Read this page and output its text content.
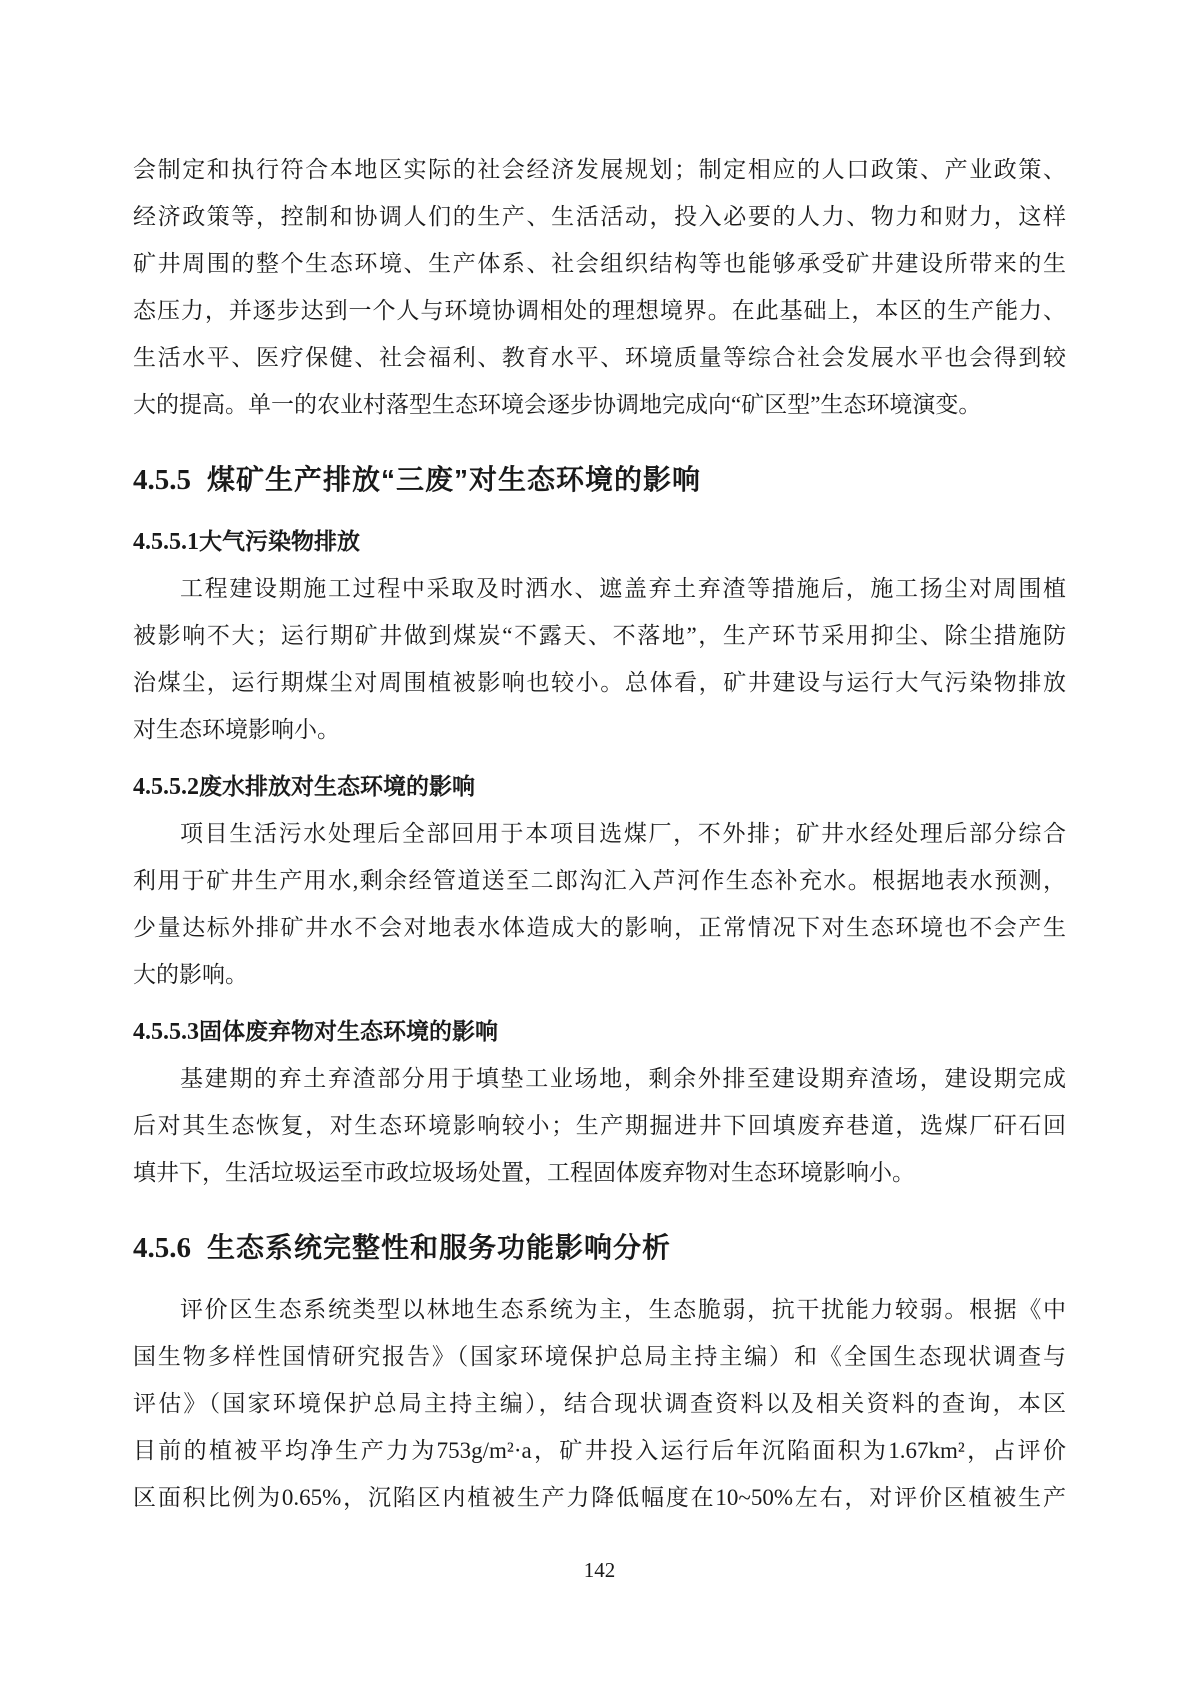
会制定和执行符合本地区实际的社会经济发展规划；制定相应的人口政策、产业政策、
经济政策等，控制和协调人们的生产、生活活动，投入必要的人力、物力和财力，这样
矿井周围的整个生态环境、生产体系、社会组织结构等也能够承受矿井建设所带来的生
态压力，并逐步达到一个人与环境协调相处的理想境界。在此基础上，本区的生产能力、
生活水平、医疗保健、社会福利、教育水平、环境质量等综合社会发展水平也会得到较
大的提高。单一的农业村落型生态环境会逐步协调地完成向“矿区型”生态环境演变。
4.5.5 煤矿生产排放“三废”对生态环境的影响
4.5.5.1大气污染物排放
工程建设期施工过程中采取及时洒水、遮盖弃土弃渣等措施后，施工扬尘对周围植
被影响不大；运行期矿井做到煤炭“不露天、不落地”，生产环节采用抑尘、除尘措施防
治煤尘，运行期煤尘对周围植被影响也较小。总体看，矿井建设与运行大气污染物排放
对生态环境影响小。
4.5.5.2废水排放对生态环境的影响
项目生活污水处理后全部回用于本项目选煤厂，不外排；矿井水经处理后部分综合
利用于矿井生产用水,剩余经管道送至二郎沟汇入芦河作生态补充水。根据地表水预测，
少量达标外排矿井水不会对地表水体造成大的影响，正常情况下对生态环境也不会产生
大的影响。
4.5.5.3固体废弃物对生态环境的影响
基建期的弃土弃渣部分用于填垫工业场地，剩余外排至建设期弃渣场，建设期完成
后对其生态恢复，对生态环境影响较小；生产期掘进井下回填废弃巷道，选煤厂矸石回
填井下，生活垃圾运至市政垃圾场处置，工程固体废弃物对生态环境影响小。
4.5.6 生态系统完整性和服务功能影响分析
评价区生态系统类型以林地生态系统为主，生态脆弱，抗干扰能力较弱。根据《中
国生物多样性国情研究报告》（国家环境保护总局主持主编）和《全国生态现状调查与
评估》（国家环境保护总局主持主编），结合现状调查资料以及相关资料的查询，本区
目前的植被平均净生产力为753g/m²·a，矿井投入运行后年沉陷面积为1.67km²，占评价
区面积比例为0.65%，沉陷区内植被生产力降低幅度在10~50%左右，对评价区植被生产
142
